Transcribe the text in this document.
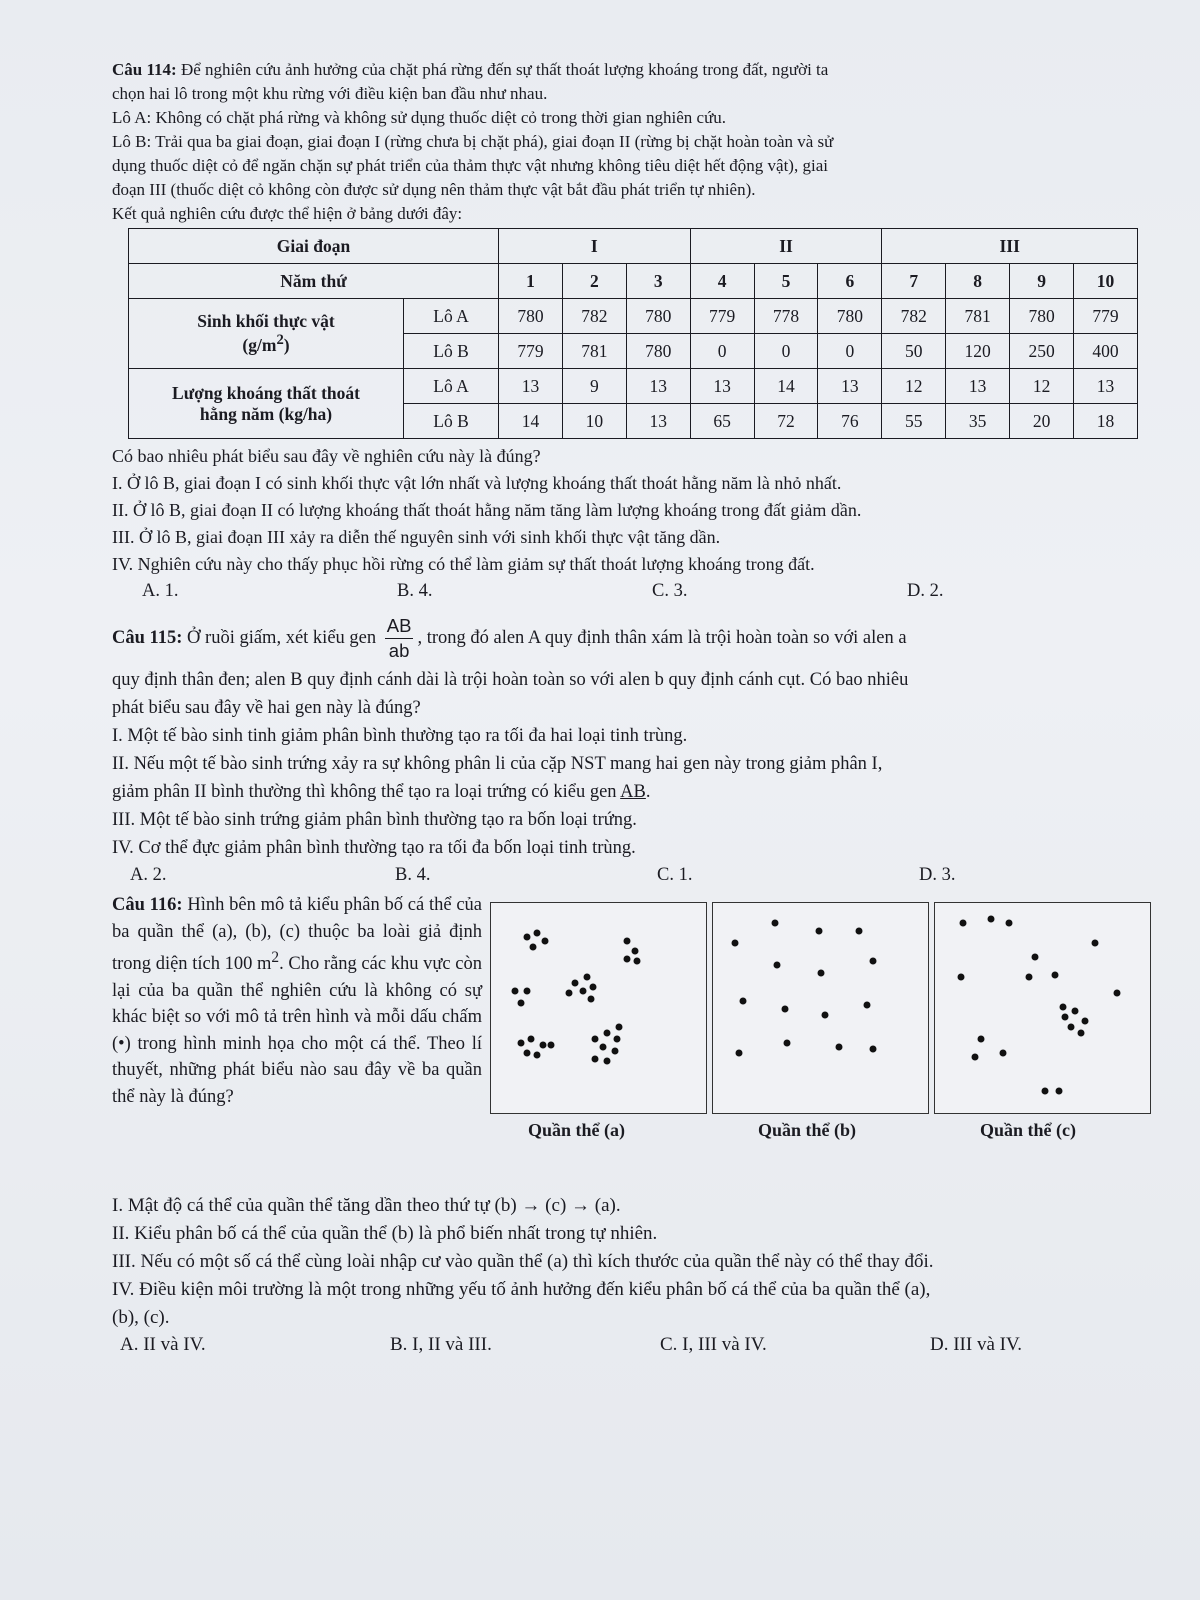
Câu 114: Để nghiên cứu ảnh hưởng của chặt phá rừng đến sự thất thoát lượng khoáng trong đất, người ta

chọn hai lô trong một khu rừng với điều kiện ban đầu như nhau.

Lô A: Không có chặt phá rừng và không sử dụng thuốc diệt cỏ trong thời gian nghiên cứu.

Lô B: Trải qua ba giai đoạn, giai đoạn I (rừng chưa bị chặt phá), giai đoạn II (rừng bị chặt hoàn toàn và sử

dụng thuốc diệt cỏ để ngăn chặn sự phát triển của thảm thực vật nhưng không tiêu diệt hết động vật), giai

đoạn III (thuốc diệt cỏ không còn được sử dụng nên thảm thực vật bắt đầu phát triển tự nhiên).

Kết quả nghiên cứu được thể hiện ở bảng dưới đây:

Giai đoạn		I			II			III			
Năm thứ		1	2	3	4	5	6	7	8	9	10
Sinh khối thực vật
$(g/m^2)$	Lô A	780	782	780	779	778	780	782	781	780	779
	Lô B	779	781	780	0	0	0	50	120	250	400
Lượng khoáng thất thoát
hằng năm (kg/ha)	Lô A	13	9	13	13	14	13	12	13	12	13
	Lô B	14	10	13	65	72	76	55	35	20	18

Có bao nhiêu phát biểu sau đây về nghiên cứu này là đúng?

I. Ở lô B, giai đoạn I có sinh khối thực vật lớn nhất và lượng khoáng thất thoát hằng năm là nhỏ nhất.

II. Ở lô B, giai đoạn II có lượng khoáng thất thoát hằng năm tăng làm lượng khoáng trong đất giảm dần.

III. Ở lô B, giai đoạn III xảy ra diễn thế nguyên sinh với sinh khối thực vật tăng dần.

IV. Nghiên cứu này cho thấy phục hồi rừng có thể làm giảm sự thất thoát lượng khoáng trong đất.

A. 1.	B. 4.	C. 3.	D. 2.

Câu 115: Ở ruồi giấm, xét kiểu gen $\frac{AB}{ab}$ , trong đó alen A quy định thân xám là trội hoàn toàn so với alen a

quy định thân đen; alen B quy định cánh dài là trội hoàn toàn so với alen b quy định cánh cụt. Có bao nhiêu

phát biểu sau đây về hai gen này là đúng?

I. Một tế bào sinh tinh giảm phân bình thường tạo ra tối đa hai loại tinh trùng.

II. Nếu một tế bào sinh trứng xảy ra sự không phân li của cặp NST mang hai gen này trong giảm phân I,

giảm phân II bình thường thì không thể tạo ra loại trứng có kiểu gen AB.

III. Một tế bào sinh trứng giảm phân bình thường tạo ra bốn loại trứng.

IV. Cơ thể đực giảm phân bình thường tạo ra tối đa bốn loại tinh trùng.

A. 2.	B. 4.	C. 1.	D. 3.

Câu 116: Hình bên mô tả kiểu phân bố cá thể của ba quần thể (a), (b), (c) thuộc ba loài giả định trong diện tích 100 $m^2$. Cho rằng các khu vực còn lại của ba quần thể nghiên cứu là không có sự khác biệt so với mô tả trên hình và mỗi dấu chấm (•) trong hình minh họa cho một cá thể. Theo lí thuyết, những phát biểu nào sau đây về ba quần thể này là đúng?

Quần thể (a)	Quần thể (b)	Quần thể (c)

I. Mật độ cá thể của quần thể tăng dần theo thứ tự (b) → (c) → (a).

II. Kiểu phân bố cá thể của quần thể (b) là phổ biến nhất trong tự nhiên.

III. Nếu có một số cá thể cùng loài nhập cư vào quần thể (a) thì kích thước của quần thể này có thể thay đổi.

IV. Điều kiện môi trường là một trong những yếu tố ảnh hưởng đến kiểu phân bố cá thể của ba quần thể (a),

(b), (c).

A. II và IV.	B. I, II và III.	C. I, III và IV.	D. III và IV.
